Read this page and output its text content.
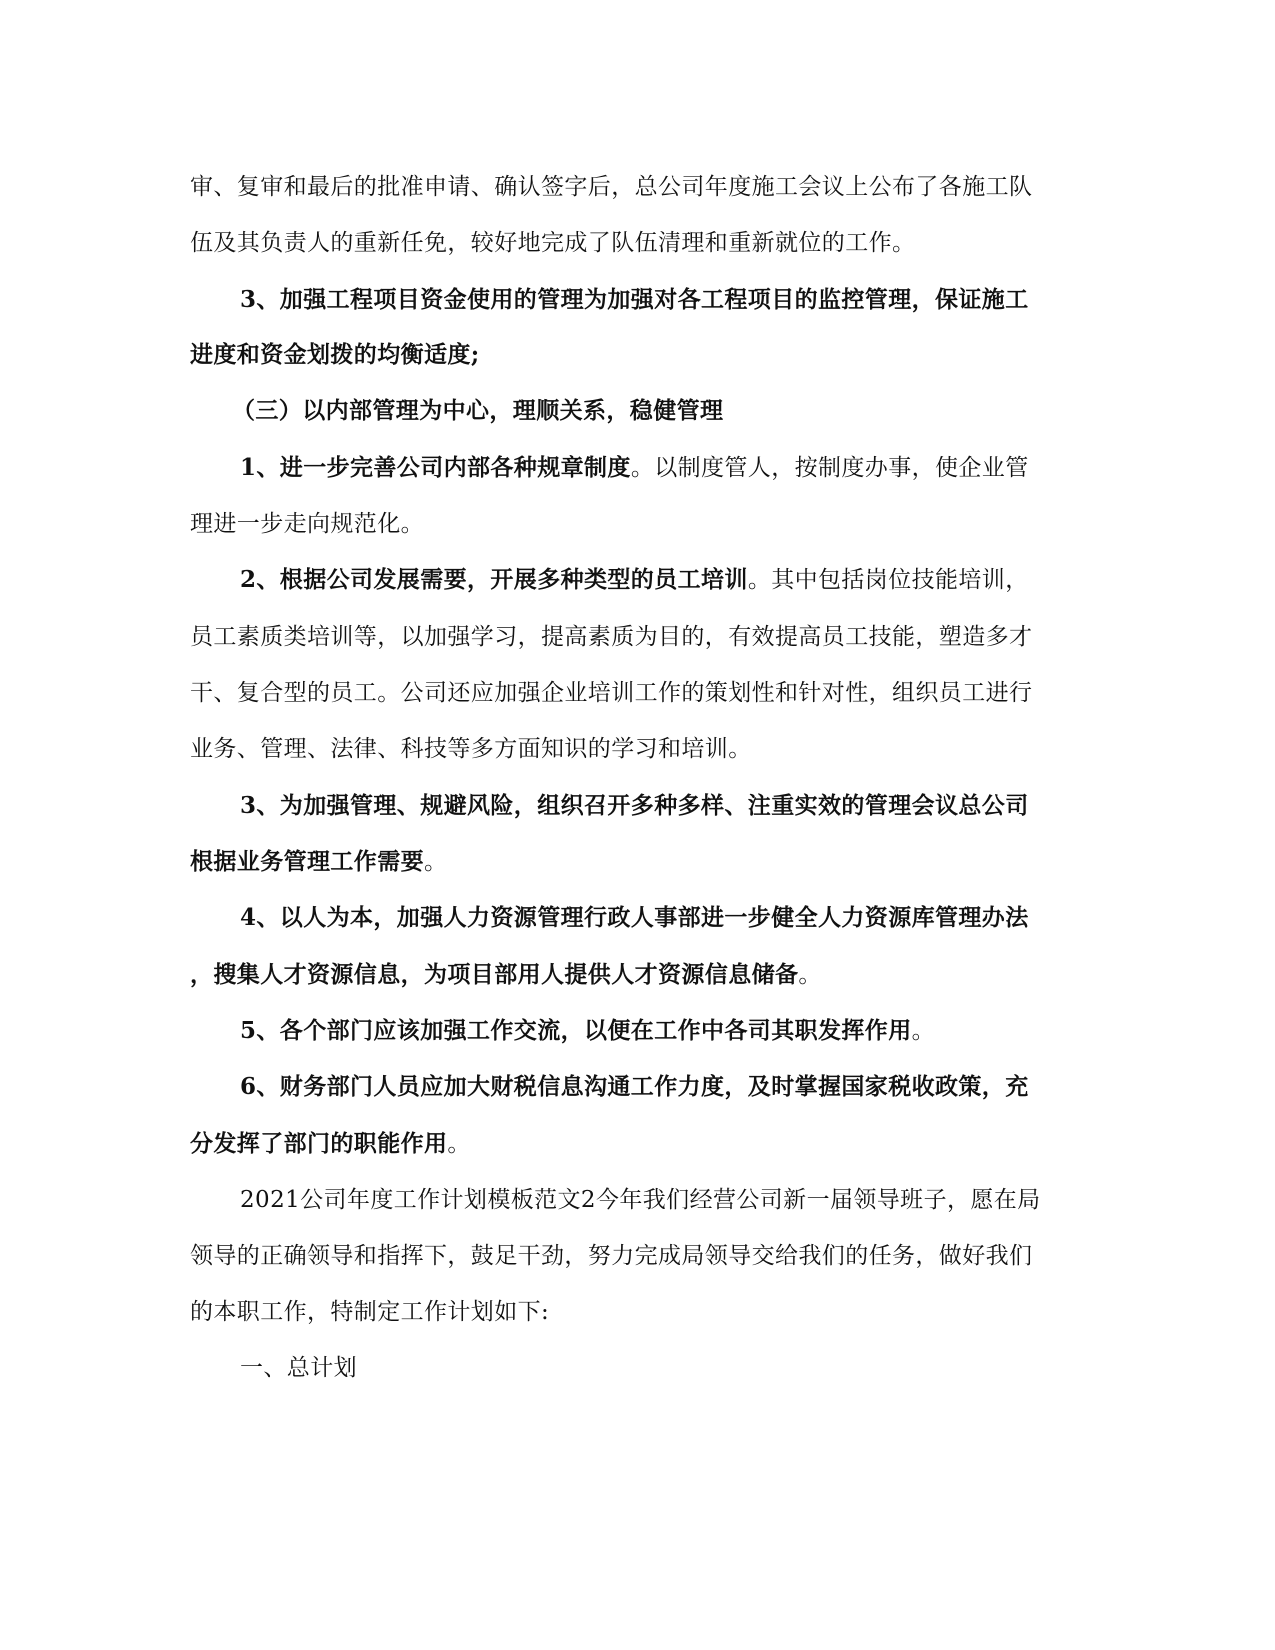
审、复审和最后的批准申请、确认签字后，总公司年度施工会议上公布了各施工队
伍及其负责人的重新任免，较好地完成了队伍清理和重新就位的工作。
3、加强工程项目资金使用的管理为加强对各工程项目的监控管理，保证施工
进度和资金划拨的均衡适度;
（三）以内部管理为中心，理顺关系，稳健管理
1、进一步完善公司内部各种规章制度。以制度管人，按制度办事，使企业管
理进一步走向规范化。
2、根据公司发展需要，开展多种类型的员工培训。其中包括岗位技能培训，
员工素质类培训等，以加强学习，提高素质为目的，有效提高员工技能，塑造多才
干、复合型的员工。公司还应加强企业培训工作的策划性和针对性，组织员工进行
业务、管理、法律、科技等多方面知识的学习和培训。
3、为加强管理、规避风险，组织召开多种多样、注重实效的管理会议总公司
根据业务管理工作需要。
4、以人为本，加强人力资源管理行政人事部进一步健全人力资源库管理办法
，搜集人才资源信息，为项目部用人提供人才资源信息储备。
5、各个部门应该加强工作交流，以便在工作中各司其职发挥作用。
6、财务部门人员应加大财税信息沟通工作力度，及时掌握国家税收政策，充
分发挥了部门的职能作用。
2021公司年度工作计划模板范文2今年我们经营公司新一届领导班子，愿在局
领导的正确领导和指挥下，鼓足干劲，努力完成局领导交给我们的任务，做好我们
的本职工作，特制定工作计划如下:
一、总计划
